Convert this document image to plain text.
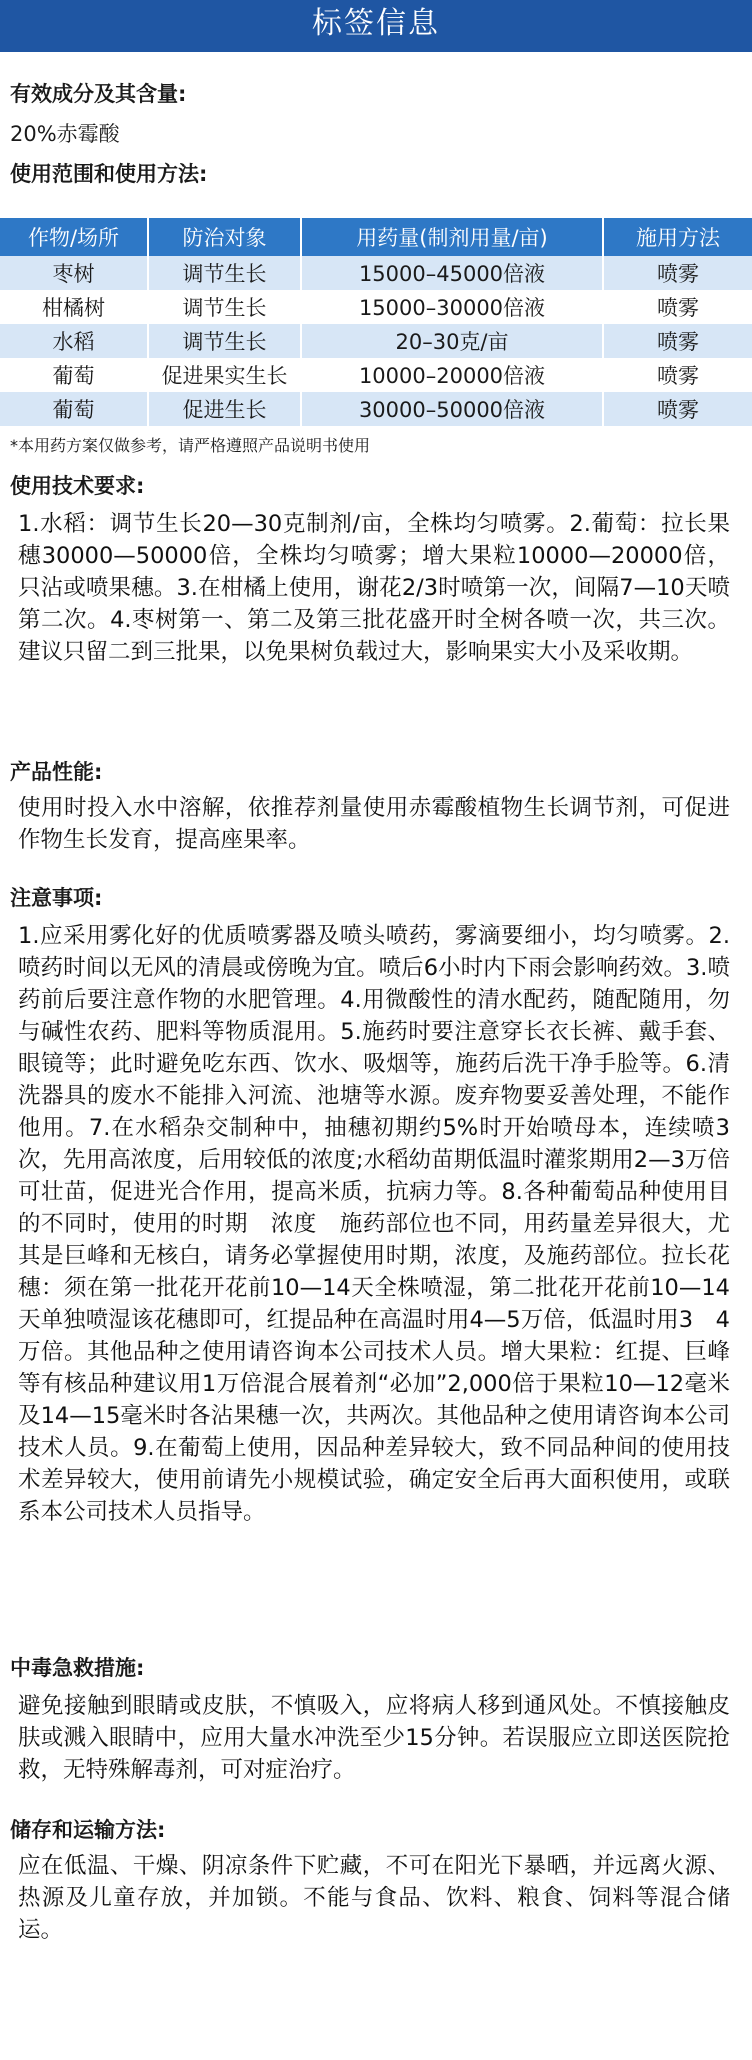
标签信息
有效成分及其含量:
20%赤霉酸
使用范围和使用方法:
作物/场所	防治对象	用药量(制剂用量/亩)	施用方法
枣树	调节生长	15000–45000倍液	喷雾
柑橘树	调节生长	15000–30000倍液	喷雾
水稻	调节生长	20–30克/亩	喷雾
葡萄	促进果实生长	10000–20000倍液	喷雾
葡萄	促进生长	30000–50000倍液	喷雾
*本用药方案仅做参考，请严格遵照产品说明书使用
使用技术要求:
1.水稻：调节生长20—30克制剂/亩，全株均匀喷雾。2.葡萄：拉长果穗30000—50000倍，全株均匀喷雾；增大果粒10000—20000倍，只沾或喷果穗。3.在柑橘上使用，谢花2/3时喷第一次，间隔7—10天喷第二次。4.枣树第一、第二及第三批花盛开时全树各喷一次，共三次。建议只留二到三批果，以免果树负载过大，影响果实大小及采收期。
产品性能:
使用时投入水中溶解，依推荐剂量使用赤霉酸植物生长调节剂，可促进作物生长发育，提高座果率。
注意事项:
1.应采用雾化好的优质喷雾器及喷头喷药，雾滴要细小，均匀喷雾。2.喷药时间以无风的清晨或傍晚为宜。喷后6小时内下雨会影响药效。3.喷药前后要注意作物的水肥管理。4.用微酸性的清水配药，随配随用，勿与碱性农药、肥料等物质混用。5.施药时要注意穿长衣长裤、戴手套、眼镜等；此时避免吃东西、饮水、吸烟等，施药后洗干净手脸等。6.清洗器具的废水不能排入河流、池塘等水源。废弃物要妥善处理，不能作他用。7.在水稻杂交制种中，抽穗初期约5%时开始喷母本，连续喷3次，先用高浓度，后用较低的浓度;水稻幼苗期低温时灌浆期用2—3万倍可壮苗，促进光合作用，提高米质，抗病力等。8.各种葡萄品种使用目的不同时，使用的时期　浓度　施药部位也不同，用药量差异很大，尤其是巨峰和无核白，请务必掌握使用时期，浓度，及施药部位。拉长花穗：须在第一批花开花前10—14天全株喷湿，第二批花开花前10—14天单独喷湿该花穗即可，红提品种在高温时用4—5万倍，低温时用3　4万倍。其他品种之使用请咨询本公司技术人员。增大果粒：红提、巨峰等有核品种建议用1万倍混合展着剂“必加”2,000倍于果粒10—12毫米及14—15毫米时各沾果穗一次，共两次。其他品种之使用请咨询本公司技术人员。9.在葡萄上使用，因品种差异较大，致不同品种间的使用技术差异较大，使用前请先小规模试验，确定安全后再大面积使用，或联系本公司技术人员指导。
中毒急救措施:
避免接触到眼睛或皮肤，不慎吸入，应将病人移到通风处。不慎接触皮肤或溅入眼睛中，应用大量水冲洗至少15分钟。若误服应立即送医院抢救，无特殊解毒剂，可对症治疗。
储存和运输方法:
应在低温、干燥、阴凉条件下贮藏，不可在阳光下暴晒，并远离火源、热源及儿童存放，并加锁。不能与食品、饮料、粮食、饲料等混合储运。
